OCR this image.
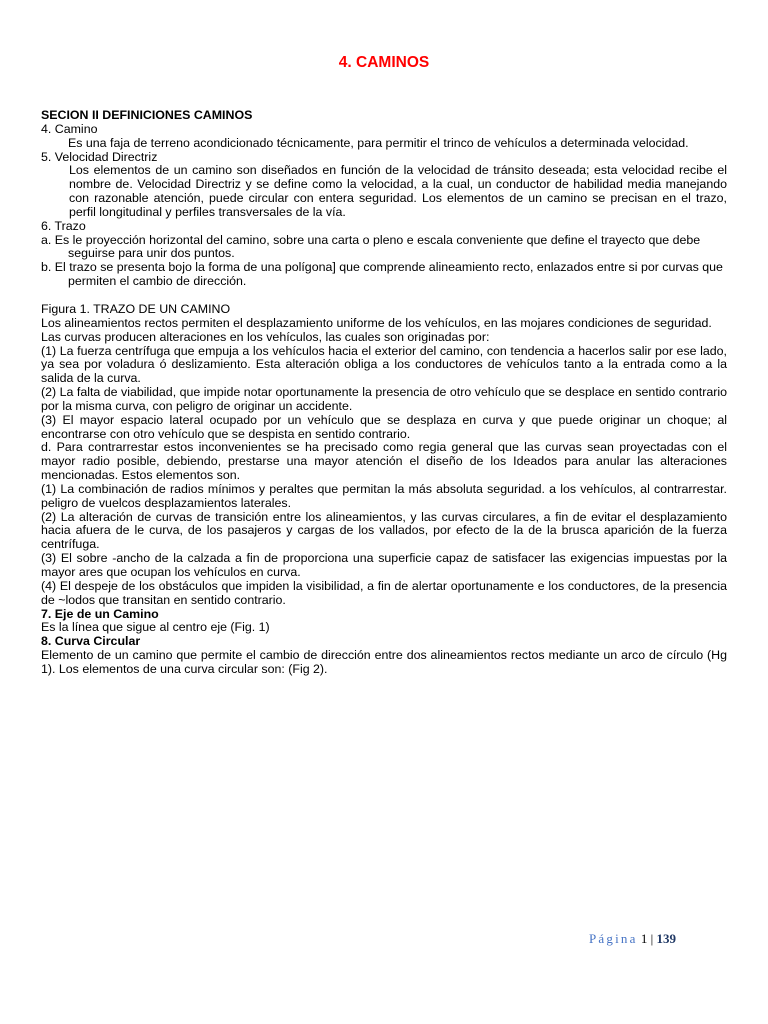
4. CAMINOS

SECION II DEFINICIONES CAMINOS

4. Camino

Es una faja de terreno acondicionado técnicamente, para permitir el trinco de vehículos a determinada velocidad.

5. Velocidad Directriz

Los elementos de un camino son diseñados en función de la velocidad de tránsito deseada; esta velocidad recibe el nombre de. Velocidad Directriz y se define como la velocidad, a la cual, un conductor de habilidad media manejando con razonable atención, puede circular con entera seguridad. Los elementos de un camino se precisan en el trazo, perfil longitudinal y perfiles transversales de la vía.

6. Trazo

a. Es le proyección horizontal del camino, sobre una carta o pleno e escala conveniente que define el trayecto que debe seguirse para unir dos puntos.

b. El trazo se presenta bojo la forma de una polígona] que comprende alineamiento recto, enlazados entre si por curvas que permiten el cambio de dirección.

Figura 1. TRAZO DE UN CAMINO

Los alineamientos rectos permiten el desplazamiento uniforme de los vehículos, en las mojares condiciones de seguridad.

Las curvas producen alteraciones en los vehículos, las cuales son originadas por:

(1) La fuerza centrífuga que empuja a los vehículos hacia el exterior del camino, con tendencia a hacerlos salir por ese lado, ya sea por voladura ó deslizamiento. Esta alteración obliga a los conductores de vehículos tanto a la entrada como a la salida de la curva.

(2) La falta de viabilidad, que impide notar oportunamente la presencia de otro vehículo que se desplace en sentido contrario por la misma curva, con peligro de originar un accidente.

(3) El mayor espacio lateral ocupado por un vehículo que se desplaza en curva y que puede originar un choque; al encontrarse con otro vehículo que se despista en sentido contrario.

d. Para contrarrestar estos inconvenientes se ha precisado como regia general que las curvas sean proyectadas con el mayor radio posible, debiendo, prestarse una mayor atención el diseño de los Ideados para anular las alteraciones mencionadas. Estos elementos son.

(1) La combinación de radios mínimos y peraltes que permitan la más absoluta seguridad. a los vehículos, al contrarrestar. peligro de vuelcos desplazamientos laterales.

(2) La alteración de curvas de transición entre los alineamientos, y las curvas circulares, a fin de evitar el desplazamiento hacia afuera de le curva, de los pasajeros y cargas de los vallados, por efecto de la de la brusca aparición de la fuerza centrífuga.

(3) El sobre -ancho de la calzada a fin de proporciona una superficie capaz de satisfacer las exigencias impuestas por la mayor ares que ocupan los vehículos en curva.

(4) El despeje de los obstáculos que impiden la visibilidad, a fin de alertar oportunamente e los conductores, de la presencia de ~lodos que transitan en sentido contrario.

7. Eje de un Camino

Es la línea que sigue al centro eje (Fig. 1)

8. Curva Circular

Elemento de un camino que permite el cambio de dirección entre dos alineamientos rectos mediante un arco de círculo (Hg 1). Los elementos de una curva circular son: (Fig 2).

Página 1 | 139
